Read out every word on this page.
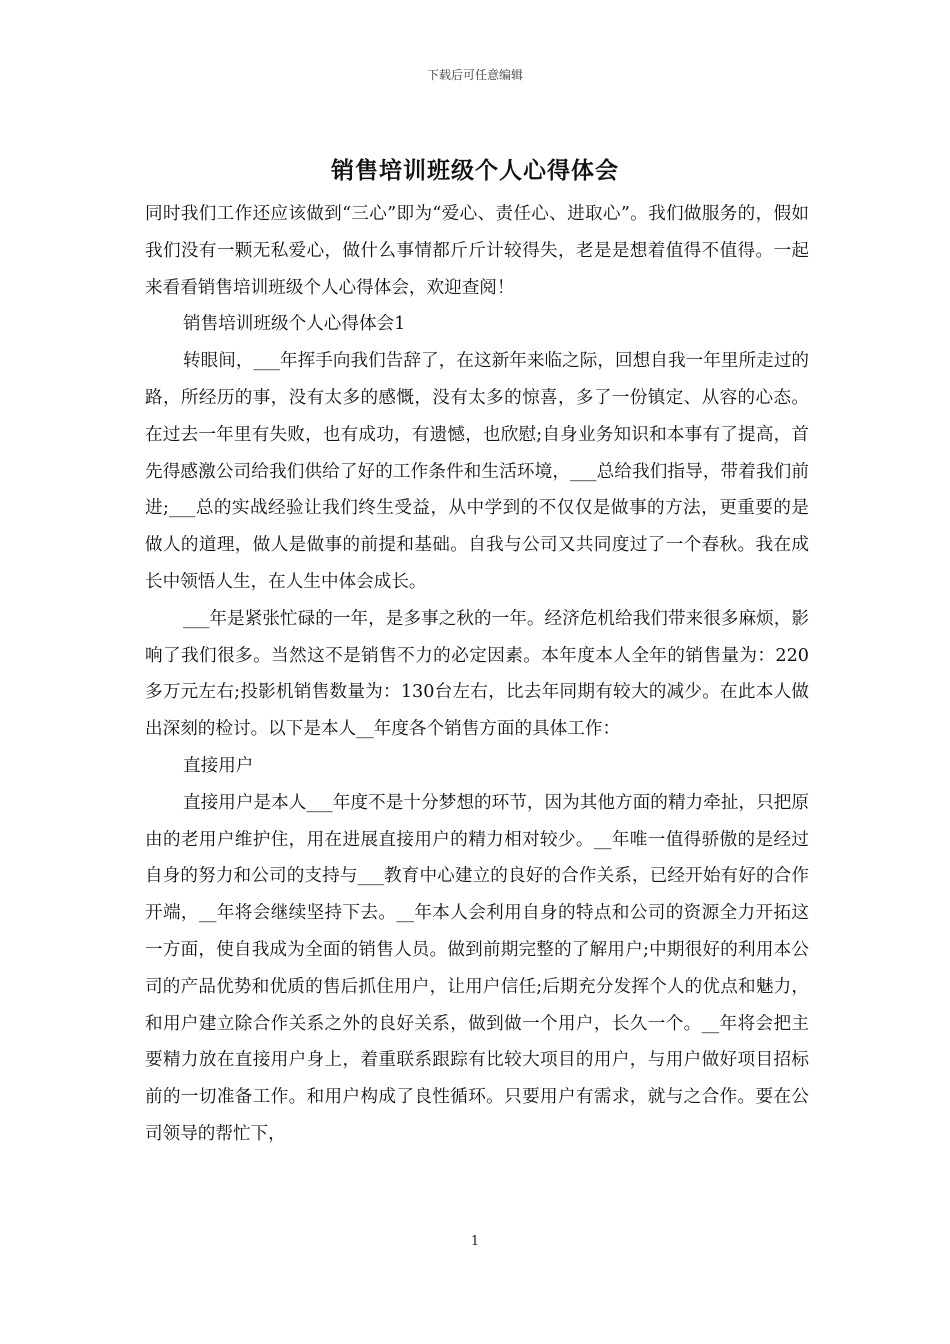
下载后可任意编辑
销售培训班级个人心得体会

同时我们工作还应该做到“三心”即为“爱心、责任心、进取心”。我们做服务的，假如我们没有一颗无私爱心，做什么事情都斤斤计较得失，老是是想着值得不值得。一起来看看销售培训班级个人心得体会，欢迎查阅！

销售培训班级个人心得体会1

转眼间，___年挥手向我们告辞了，在这新年来临之际，回想自我一年里所走过的路，所经历的事，没有太多的感慨，没有太多的惊喜，多了一份镇定、从容的心态。在过去一年里有失败，也有成功，有遗憾，也欣慰;自身业务知识和本事有了提高，首先得感激公司给我们供给了好的工作条件和生活环境，___总给我们指导，带着我们前进;___总的实战经验让我们终生受益，从中学到的不仅仅是做事的方法，更重要的是做人的道理，做人是做事的前提和基础。自我与公司又共同度过了一个春秋。我在成长中领悟人生，在人生中体会成长。

___年是紧张忙碌的一年，是多事之秋的一年。经济危机给我们带来很多麻烦，影响了我们很多。当然这不是销售不力的必定因素。本年度本人全年的销售量为：220多万元左右;投影机销售数量为：130台左右，比去年同期有较大的减少。在此本人做出深刻的检讨。以下是本人__年度各个销售方面的具体工作：

直接用户

直接用户是本人___年度不是十分梦想的环节，因为其他方面的精力牵扯，只把原由的老用户维护住，用在进展直接用户的精力相对较少。__年唯一值得骄傲的是经过自身的努力和公司的支持与___教育中心建立的良好的合作关系，已经开始有好的合作开端，__年将会继续坚持下去。__年本人会利用自身的特点和公司的资源全力开拓这一方面，使自我成为全面的销售人员。做到前期完整的了解用户;中期很好的利用本公司的产品优势和优质的售后抓住用户，让用户信任;后期充分发挥个人的优点和魅力，和用户建立除合作关系之外的良好关系，做到做一个用户，长久一个。__年将会把主要精力放在直接用户身上，着重联系跟踪有比较大项目的用户，与用户做好项目招标前的一切准备工作。和用户构成了良性循环。只要用户有需求，就与之合作。要在公司领导的帮忙下，

1
